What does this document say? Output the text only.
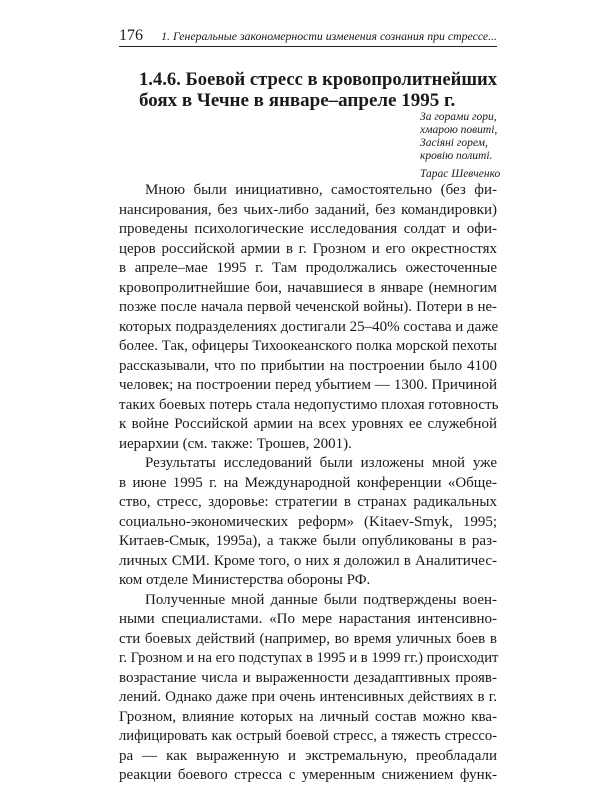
176 1. Генеральные закономерности изменения сознания при стрессе...
1.4.6. Боевой стресс в кровопролитнейших
боях в Чечне в январе–апреле 1995 г.
За горами гори,
хмарою повиті,
Засіяні горем,
кровію политі.
Тарас Шевченко
Мною были инициативно, самостоятельно (без фи-
нансирования, без чьих-либо заданий, без командировки)
проведены психологические исследования солдат и офи-
церов российской армии в г. Грозном и его окрестностях
в апреле–мае 1995 г. Там продолжались ожесточенные
кровопролитнейшие бои, начавшиеся в январе (немногим
позже после начала первой чеченской войны). Потери в не-
которых подразделениях достигали 25–40% состава и даже
более. Так, офицеры Тихоокеанского полка морской пехоты
рассказывали, что по прибытии на построении было 4100
человек; на построении перед убытием — 1300. Причиной
таких боевых потерь стала недопустимо плохая готовность
к войне Российской армии на всех уровнях ее служебной
иерархии (см. также: Трошев, 2001).
Результаты исследований были изложены мной уже
в июне 1995 г. на Международной конференции «Обще-
ство, стресс, здоровье: стратегии в странах радикальных
социально-экономических реформ» (Kitaev-Smyk, 1995;
Китаев-Смык, 1995а), а также были опубликованы в раз-
личных СМИ. Кроме того, о них я доложил в Аналитичес-
ком отделе Министерства обороны РФ.
Полученные мной данные были подтверждены воен-
ными специалистами. «По мере нарастания интенсивно-
сти боевых действий (например, во время уличных боев в
г. Грозном и на его подступах в 1995 и в 1999 гг.) происходит
возрастание числа и выраженности дезадаптивных прояв-
лений. Однако даже при очень интенсивных действиях в г.
Грозном, влияние которых на личный состав можно ква-
лифицировать как острый боевой стресс, а тяжесть стрессо-
ра — как выраженную и экстремальную, преобладали
реакции боевого стресса с умеренным снижением функ-
